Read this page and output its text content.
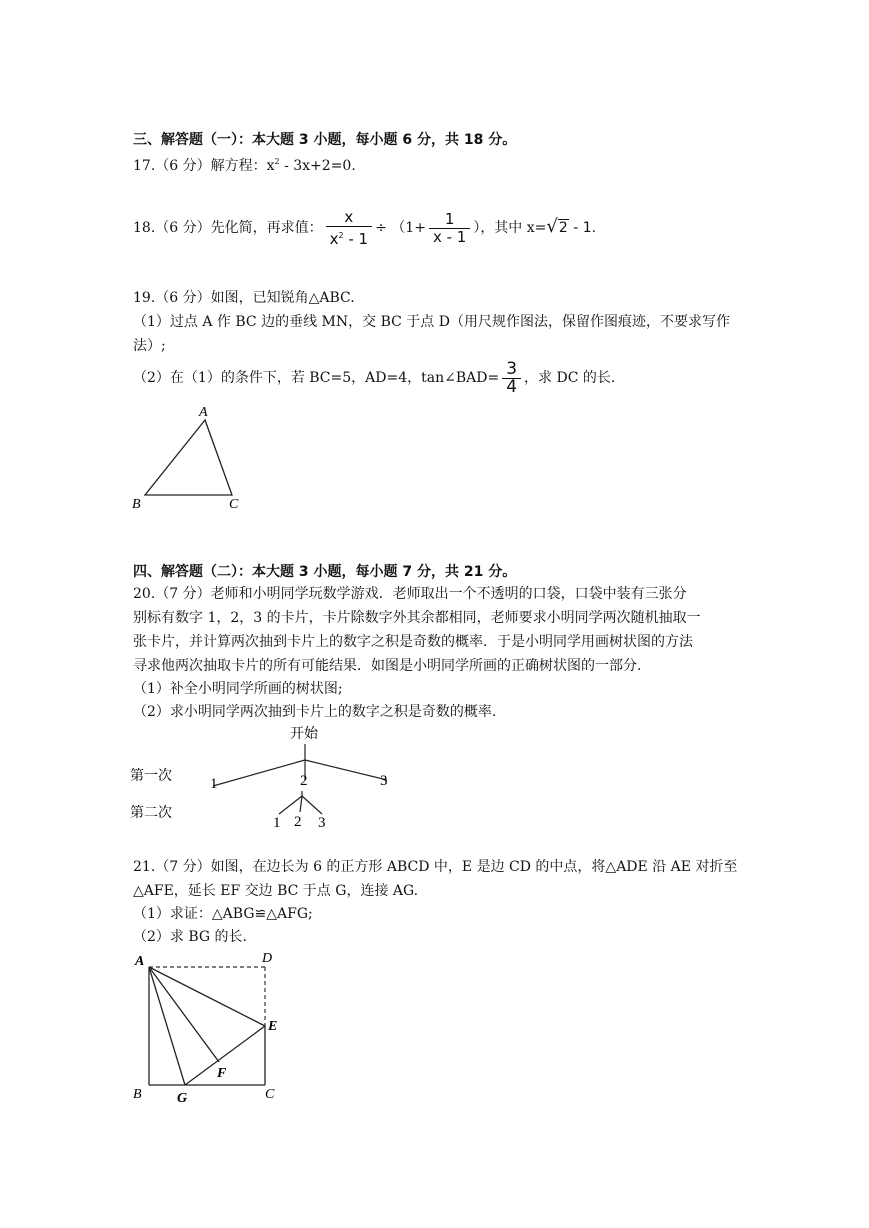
三、解答题（一）：本大题 3 小题，每小题 6 分，共 18 分。
17.（6 分）解方程：$x^2 - 3x+2=0$.
18.（6 分）先化简，再求值： $\frac{x}{x^2 - 1} \div (1+ \frac{1}{x - 1}$ ），其中 x=√2 - 1.
19.（6 分）如图，已知锐角△ABC.
（1）过点 A 作 BC 边的垂线 MN，交 BC 于点 D（用尺规作图法，保留作图痕迹，不要求写作
法）;
（2）在（1）的条件下，若 BC=5，AD=4，tan∠BAD= $\frac{3}{4}$ ，求 DC 的长.
A
B	C
四、解答题（二）：本大题 3 小题，每小题 7 分，共 21 分。
20.（7 分）老师和小明同学玩数学游戏．老师取出一个不透明的口袋，口袋中装有三张分
别标有数字 1，2，3 的卡片，卡片除数字外其余都相同，老师要求小明同学两次随机抽取一
张卡片，并计算两次抽到卡片上的数字之积是奇数的概率．于是小明同学用画树状图的方法
寻求他两次抽取卡片的所有可能结果．如图是小明同学所画的正确树状图的一部分.
（1）补全小明同学所画的树状图;
（2）求小明同学两次抽到卡片上的数字之积是奇数的概率.
开始
第一次	1	2	3
第二次
1 2 3
21.（7 分）如图，在边长为 6 的正方形 ABCD 中，E 是边 CD 的中点，将△ADE 沿 AE 对折至
△AFE，延长 EF 交边 BC 于点 G，连接 AG.
（1）求证：△ABG≌△AFG;
（2）求 BG 的长.
A	D
E
F
B	G	C
